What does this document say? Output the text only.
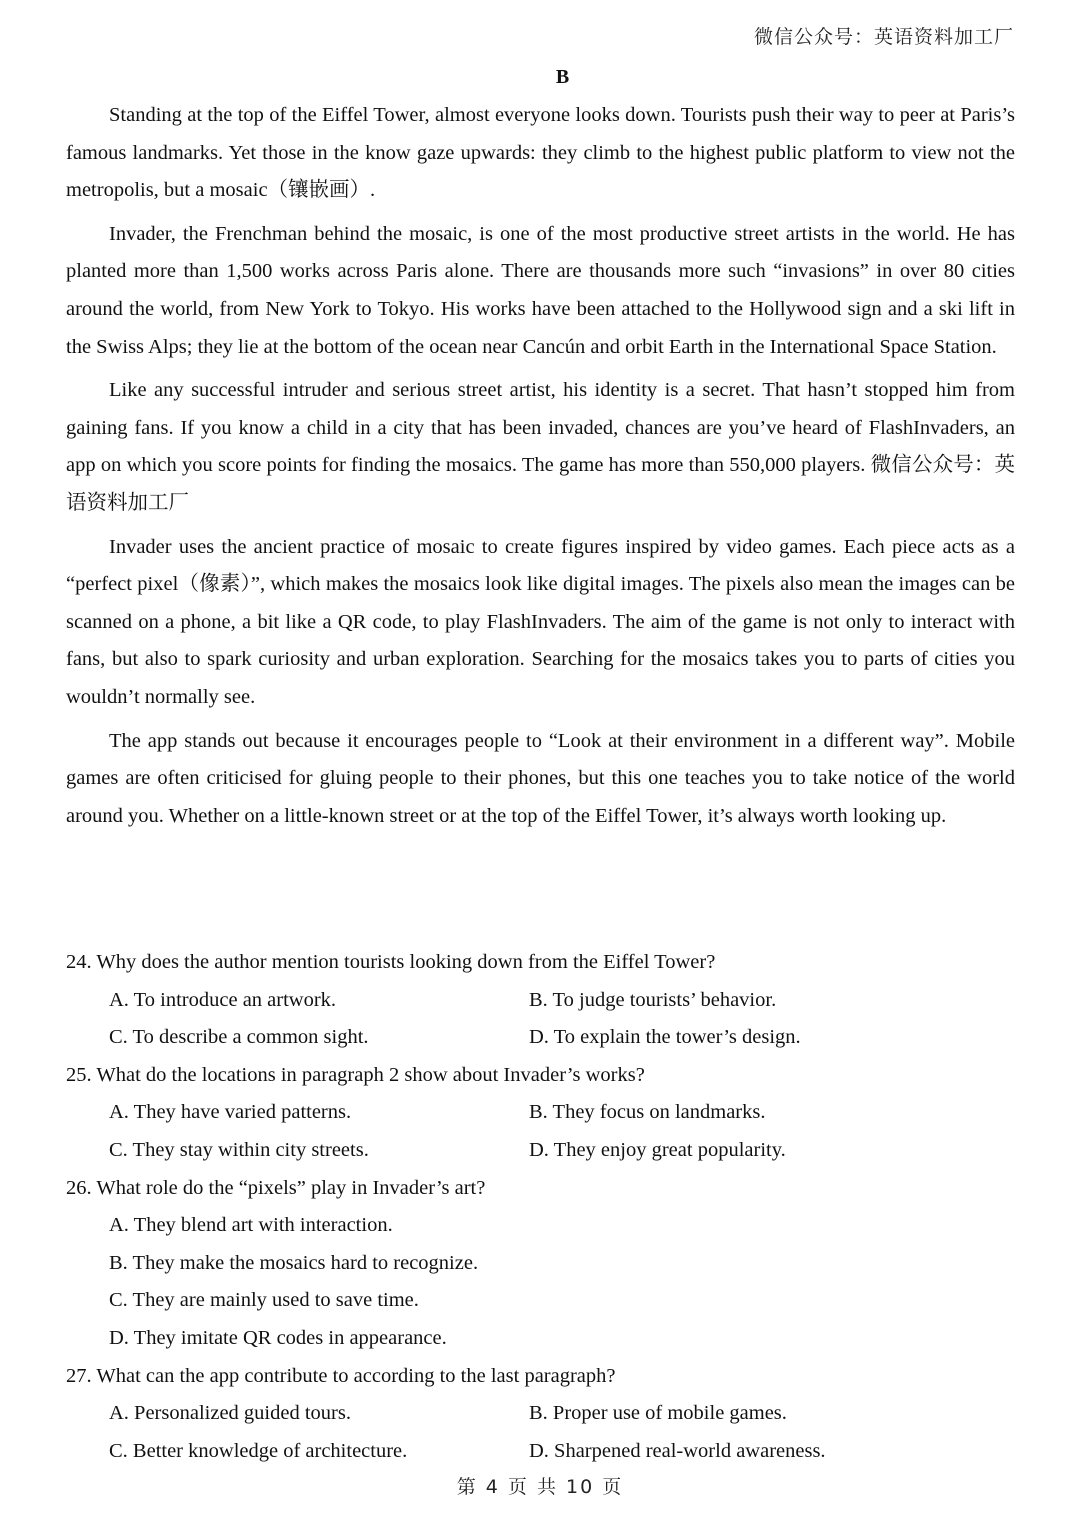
微信公众号：英语资料加工厂
B

Standing at the top of the Eiffel Tower, almost everyone looks down. Tourists push their way to peer at Paris’s famous landmarks. Yet those in the know gaze upwards: they climb to the highest public platform to view not the metropolis, but a mosaic（镶嵌画）.

Invader, the Frenchman behind the mosaic, is one of the most productive street artists in the world. He has planted more than 1,500 works across Paris alone. There are thousands more such “invasions” in over 80 cities around the world, from New York to Tokyo. His works have been attached to the Hollywood sign and a ski lift in the Swiss Alps; they lie at the bottom of the ocean near Cancún and orbit Earth in the International Space Station.

Like any successful intruder and serious street artist, his identity is a secret. That hasn’t stopped him from gaining fans. If you know a child in a city that has been invaded, chances are you’ve heard of FlashInvaders, an app on which you score points for finding the mosaics. The game has more than 550,000 players. 微信公众号：英语资料加工厂

Invader uses the ancient practice of mosaic to create figures inspired by video games. Each piece acts as a “perfect pixel（像素）”, which makes the mosaics look like digital images. The pixels also mean the images can be scanned on a phone, a bit like a QR code, to play FlashInvaders. The aim of the game is not only to interact with fans, but also to spark curiosity and urban exploration. Searching for the mosaics takes you to parts of cities you wouldn’t normally see.

The app stands out because it encourages people to “Look at their environment in a different way”. Mobile games are often criticised for gluing people to their phones, but this one teaches you to take notice of the world around you. Whether on a little-known street or at the top of the Eiffel Tower, it’s always worth looking up.

24. Why does the author mention tourists looking down from the Eiffel Tower?

A. To introduce an artwork.	B. To judge tourists’ behavior.
C. To describe a common sight.	D. To explain the tower’s design.

25. What do the locations in paragraph 2 show about Invader’s works?

A. They have varied patterns.	B. They focus on landmarks.
C. They stay within city streets.	D. They enjoy great popularity.

26. What role do the “pixels” play in Invader’s art?

A. They blend art with interaction.
B. They make the mosaics hard to recognize.
C. They are mainly used to save time.
D. They imitate QR codes in appearance.

27. What can the app contribute to according to the last paragraph?

A. Personalized guided tours.	B. Proper use of mobile games.
C. Better knowledge of architecture.	D. Sharpened real-world awareness.
第 4 页 共 10 页
